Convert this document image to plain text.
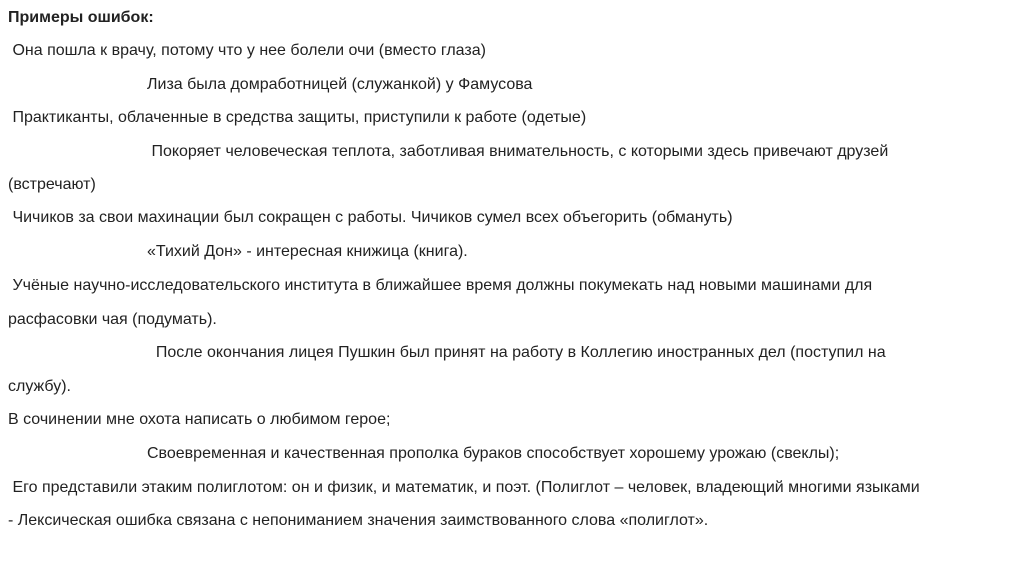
Примеры ошибок:
Она пошла к врачу, потому что у нее болели очи (вместо глаза)
Лиза была домработницей (служанкой) у Фамусова
Практиканты, облаченные в средства защиты, приступили к работе (одетые)
Покоряет человеческая теплота, заботливая внимательность, с которыми здесь привечают друзей
(встречают)
Чичиков за свои махинации был сокращен с работы. Чичиков сумел всех объегорить (обмануть)
«Тихий Дон» - интересная книжица (книга).
Учёные научно-исследовательского института в ближайшее время должны покумекать над новыми машинами для
расфасовки чая (подумать).
После окончания лицея Пушкин был принят на работу в Коллегию иностранных дел (поступил на
службу).
В сочинении мне охота написать о любимом герое;
Своевременная и качественная прополка бураков способствует хорошему урожаю (свеклы);
Его представили этаким полиглотом: он и физик, и математик, и поэт. (Полиглот – человек, владеющий многими языками
- Лексическая ошибка связана с непониманием значения заимствованного слова «полиглот».
